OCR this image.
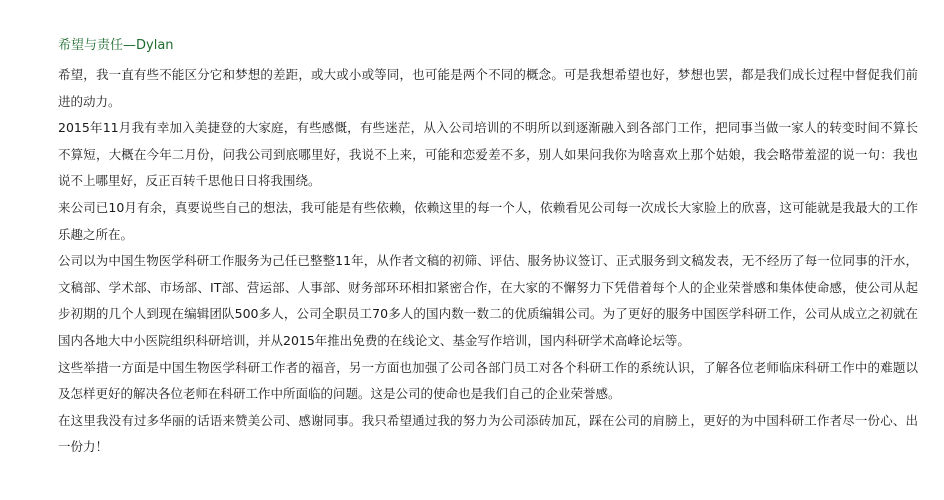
希望与责任—Dylan

希望，我一直有些不能区分它和梦想的差距，或大或小或等同，也可能是两个不同的概念。可是我想希望也好，梦想也罢，都是我们成长过程中督促我们前进的动力。

2015年11月我有幸加入美捷登的大家庭，有些感慨，有些迷茫，从入公司培训的不明所以到逐渐融入到各部门工作，把同事当做一家人的转变时间不算长不算短，大概在今年二月份，问我公司到底哪里好，我说不上来，可能和恋爱差不多，别人如果问我你为啥喜欢上那个姑娘，我会略带羞涩的说一句：我也说不上哪里好，反正百转千思他日日将我围绕。

来公司已10月有余，真要说些自己的想法，我可能是有些依赖，依赖这里的每一个人，依赖看见公司每一次成长大家脸上的欣喜，这可能就是我最大的工作乐趣之所在。

公司以为中国生物医学科研工作服务为己任已整整11年，从作者文稿的初筛、评估、服务协议签订、正式服务到文稿发表，无不经历了每一位同事的汗水，文稿部、学术部、市场部、IT部、营运部、人事部、财务部环环相扣紧密合作，在大家的不懈努力下凭借着每个人的企业荣誉感和集体使命感，使公司从起步初期的几个人到现在编辑团队500多人，公司全职员工70多人的国内数一数二的优质编辑公司。为了更好的服务中国医学科研工作，公司从成立之初就在国内各地大中小医院组织科研培训，并从2015年推出免费的在线论文、基金写作培训，国内科研学术高峰论坛等。

这些举措一方面是中国生物医学科研工作者的福音，另一方面也加强了公司各部门员工对各个科研工作的系统认识，了解各位老师临床科研工作中的难题以及怎样更好的解决各位老师在科研工作中所面临的问题。这是公司的使命也是我们自己的企业荣誉感。

在这里我没有过多华丽的话语来赞美公司、感谢同事。我只希望通过我的努力为公司添砖加瓦，踩在公司的肩膀上，更好的为中国科研工作者尽一份心、出一份力！
